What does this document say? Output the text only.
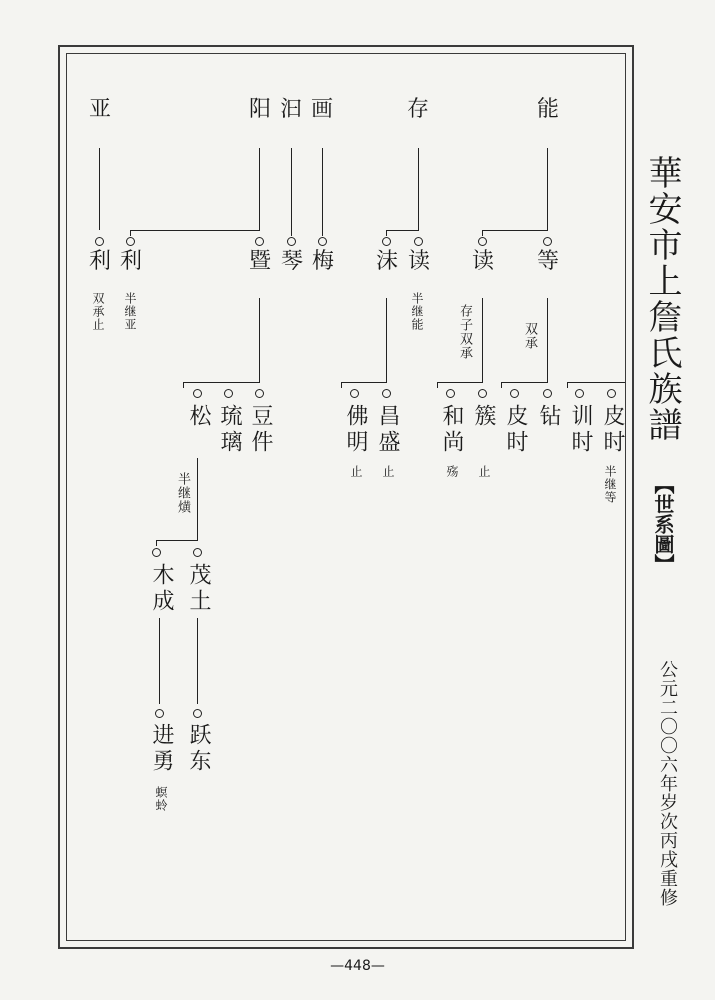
華安市上詹氏族譜
【世系圖】
公元二〇〇六年岁次丙戌重修
—448—
亚	阳 汩 画	存	能
利 利	暨 琴 梅 沫 读 读 等
双承止 半继亚	半继能	存子双承	双承
松 琉璃 豆件	佛明 昌盛 和尚 簇 皮时 钻 训时 皮时
止 止	殇 止	半继等
半继熿
木成 茂土
进勇 跃东
螟蛉
